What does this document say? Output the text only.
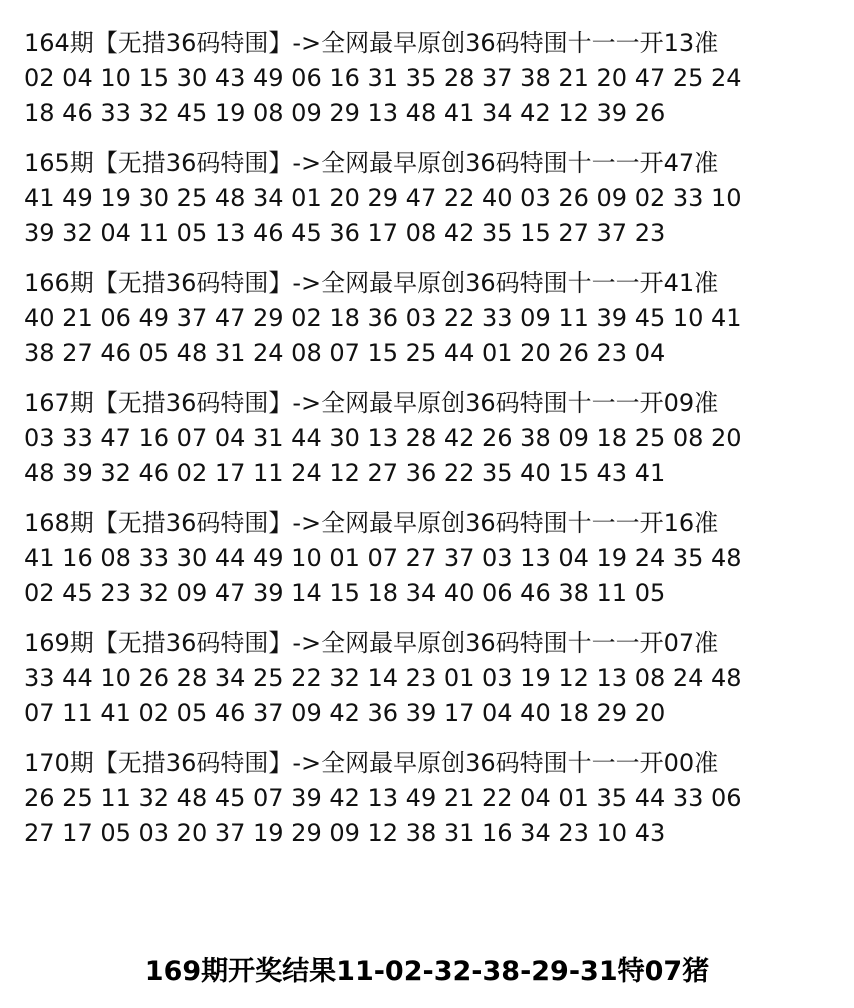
164期【无措36码特围】->全网最早原创36码特围十一一开13准
02 04 10 15 30 43 49 06 16 31 35 28 37 38 21 20 47 25 24
18 46 33 32 45 19 08 09 29 13 48 41 34 42 12 39 26
165期【无措36码特围】->全网最早原创36码特围十一一开47准
41 49 19 30 25 48 34 01 20 29 47 22 40 03 26 09 02 33 10
39 32 04 11 05 13 46 45 36 17 08 42 35 15 27 37 23
166期【无措36码特围】->全网最早原创36码特围十一一开41准
40 21 06 49 37 47 29 02 18 36 03 22 33 09 11 39 45 10 41
38 27 46 05 48 31 24 08 07 15 25 44 01 20 26 23 04
167期【无措36码特围】->全网最早原创36码特围十一一开09准
03 33 47 16 07 04 31 44 30 13 28 42 26 38 09 18 25 08 20
48 39 32 46 02 17 11 24 12 27 36 22 35 40 15 43 41
168期【无措36码特围】->全网最早原创36码特围十一一开16准
41 16 08 33 30 44 49 10 01 07 27 37 03 13 04 19 24 35 48
02 45 23 32 09 47 39 14 15 18 34 40 06 46 38 11 05
169期【无措36码特围】->全网最早原创36码特围十一一开07准
33 44 10 26 28 34 25 22 32 14 23 01 03 19 12 13 08 24 48
07 11 41 02 05 46 37 09 42 36 39 17 04 40 18 29 20
170期【无措36码特围】->全网最早原创36码特围十一一开00准
26 25 11 32 48 45 07 39 42 13 49 21 22 04 01 35 44 33 06
27 17 05 03 20 37 19 29 09 12 38 31 16 34 23 10 43
169期开奖结果11-02-32-38-29-31特07猪
